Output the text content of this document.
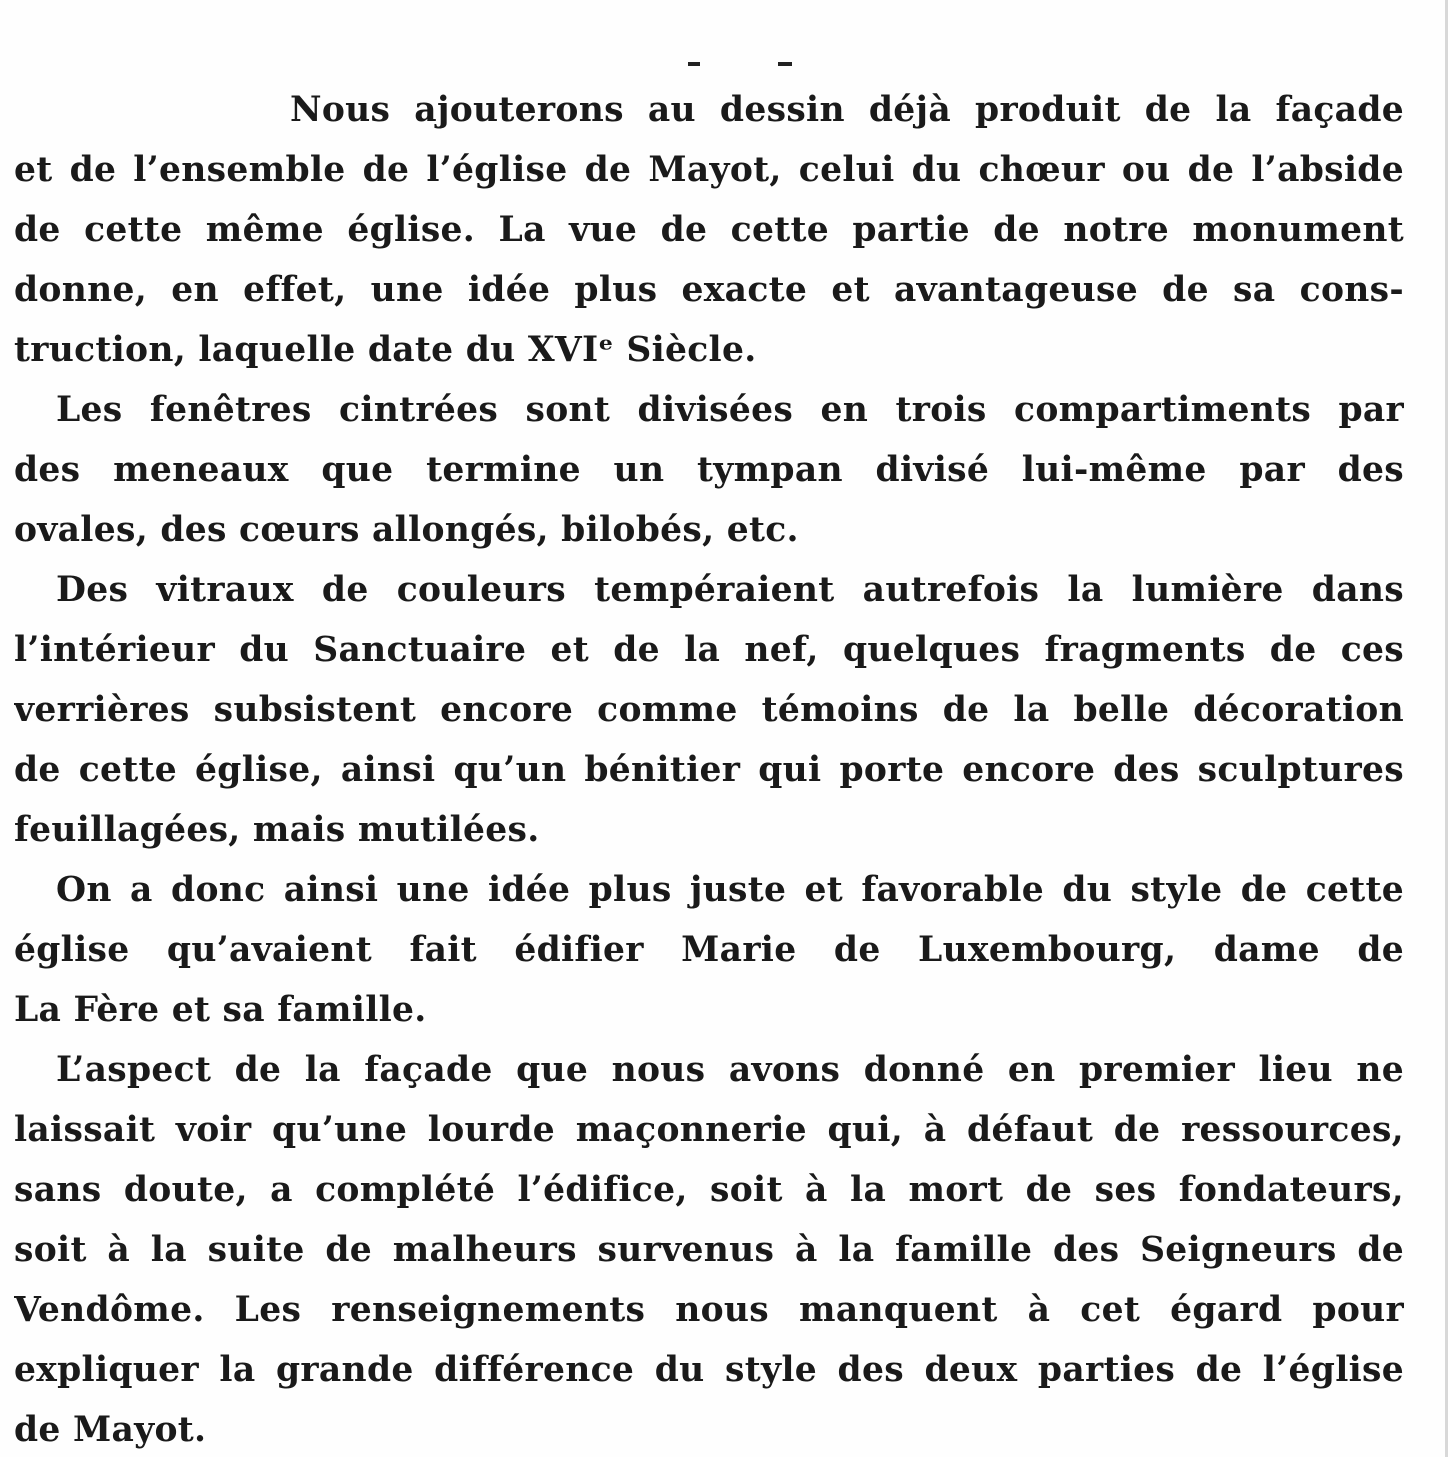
Nous ajouterons au dessin déjà produit de la façade
et de l’ensemble de l’église de Mayot, celui du chœur ou de l’abside
de cette même église. La vue de cette partie de notre monument
donne, en effet, une idée plus exacte et avantageuse de sa cons-
truction, laquelle date du XVIᵉ Siècle.
Les fenêtres cintrées sont divisées en trois compartiments par
des meneaux que termine un tympan divisé lui-même par des
ovales, des cœurs allongés, bilobés, etc.
Des vitraux de couleurs tempéraient autrefois la lumière dans
l’intérieur du Sanctuaire et de la nef, quelques fragments de ces
verrières subsistent encore comme témoins de la belle décoration
de cette église, ainsi qu’un bénitier qui porte encore des sculptures
feuillagées, mais mutilées.
On a donc ainsi une idée plus juste et favorable du style de cette
église qu’avaient fait édifier Marie de Luxembourg, dame de
La Fère et sa famille.
L’aspect de la façade que nous avons donné en premier lieu ne
laissait voir qu’une lourde maçonnerie qui, à défaut de ressources,
sans doute, a complété l’édifice, soit à la mort de ses fondateurs,
soit à la suite de malheurs survenus à la famille des Seigneurs de
Vendôme. Les renseignements nous manquent à cet égard pour
expliquer la grande différence du style des deux parties de l’église
de Mayot.
